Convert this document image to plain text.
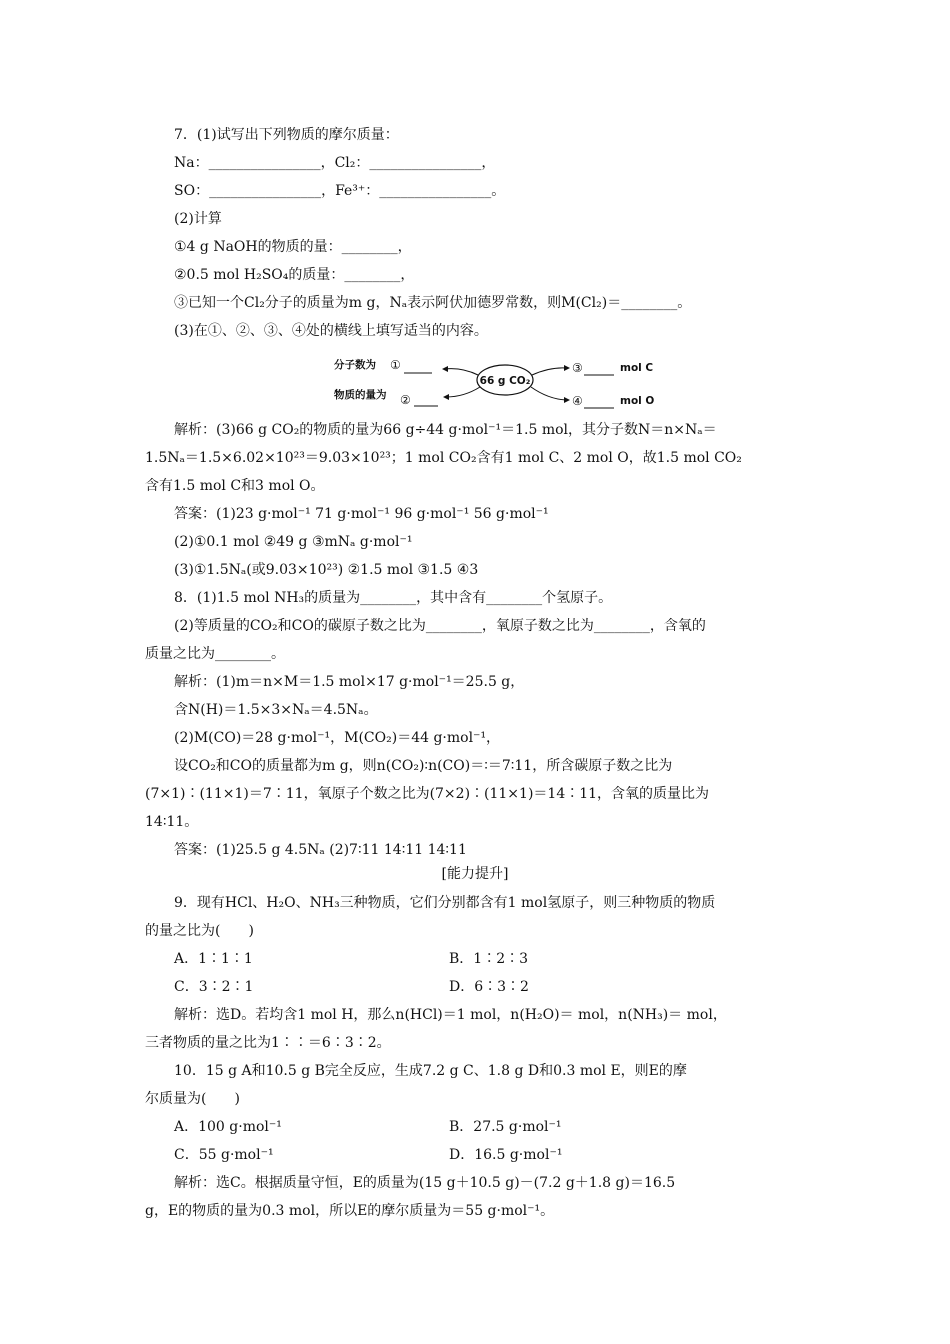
7．(1)试写出下列物质的摩尔质量：
Na：________________，Cl₂：________________，
SO：________________，Fe³⁺：________________。
(2)计算
①4 g NaOH的物质的量：________，
②0.5 mol H₂SO₄的质量：________，
③已知一个Cl₂分子的质量为m g，Nₐ表示阿伏加德罗常数，则M(Cl₂)＝________。
(3)在①、②、③、④处的横线上填写适当的内容。
分子数为 ①
物质的量为 ②
66 g CO₂
③	mol C
④	mol O
解析：(3)66 g CO₂的物质的量为66 g÷44 g·mol⁻¹＝1.5 mol，其分子数N＝n×Nₐ＝
1.5Nₐ＝1.5×6.02×10²³＝9.03×10²³；1 mol CO₂含有1 mol C、2 mol O，故1.5 mol CO₂
含有1.5 mol C和3 mol O。
答案：(1)23 g·mol⁻¹ 71 g·mol⁻¹ 96 g·mol⁻¹ 56 g·mol⁻¹
(2)①0.1 mol ②49 g ③mNₐ g·mol⁻¹
(3)①1.5Nₐ(或9.03×10²³) ②1.5 mol ③1.5 ④3
8．(1)1.5 mol NH₃的质量为________，其中含有________个氢原子。
(2)等质量的CO₂和CO的碳原子数之比为________，氧原子数之比为________，含氧的
质量之比为________。
解析：(1)m＝n×M＝1.5 mol×17 g·mol⁻¹＝25.5 g，
含N(H)＝1.5×3×Nₐ＝4.5Nₐ。
(2)M(CO)＝28 g·mol⁻¹，M(CO₂)＝44 g·mol⁻¹，
设CO₂和CO的质量都为m g，则n(CO₂)∶n(CO)＝∶＝7∶11，所含碳原子数之比为
(7×1)∶(11×1)＝7∶11，氧原子个数之比为(7×2)∶(11×1)＝14∶11，含氧的质量比为
14∶11。
答案：(1)25.5 g 4.5Nₐ (2)7∶11 14∶11 14∶11
[能力提升]
9．现有HCl、H₂O、NH₃三种物质，它们分别都含有1 mol氢原子，则三种物质的物质
的量之比为(　　)
A．1∶1∶1	B．1∶2∶3
C．3∶2∶1	D．6∶3∶2
解析：选D。若均含1 mol H，那么n(HCl)＝1 mol，n(H₂O)＝ mol，n(NH₃)＝ mol，
三者物质的量之比为1∶∶＝6∶3∶2。
10．15 g A和10.5 g B完全反应，生成7.2 g C、1.8 g D和0.3 mol E，则E的摩
尔质量为(　　)
A．100 g·mol⁻¹	B．27.5 g·mol⁻¹
C．55 g·mol⁻¹	D．16.5 g·mol⁻¹
解析：选C。根据质量守恒，E的质量为(15 g＋10.5 g)－(7.2 g＋1.8 g)＝16.5
g，E的物质的量为0.3 mol，所以E的摩尔质量为＝55 g·mol⁻¹。
